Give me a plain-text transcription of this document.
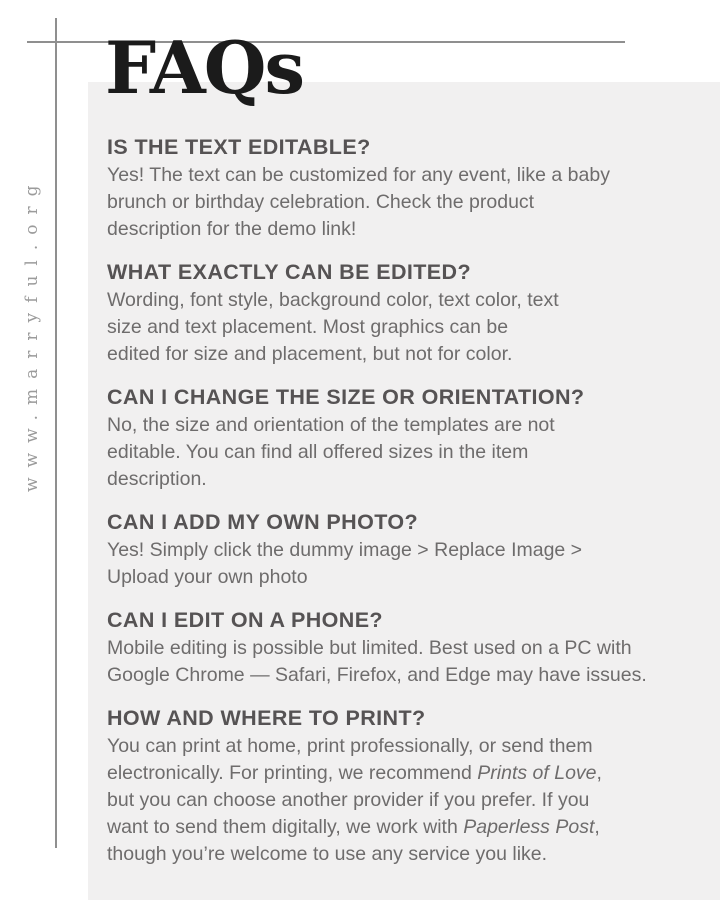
www.marryful.org
FAQs
IS THE TEXT EDITABLE?

Yes! The text can be customized for any event, like a baby
brunch or birthday celebration. Check the product
description for the demo link!

WHAT EXACTLY CAN BE EDITED?

Wording, font style, background color, text color, text
size and text placement. Most graphics can be
edited for size and placement, but not for color.

CAN I CHANGE THE SIZE OR ORIENTATION?

No, the size and orientation of the templates are not
editable. You can find all offered sizes in the item
description.

CAN I ADD MY OWN PHOTO?

Yes! Simply click the dummy image > Replace Image >
Upload your own photo

CAN I EDIT ON A PHONE?

Mobile editing is possible but limited. Best used on a PC with
Google Chrome — Safari, Firefox, and Edge may have issues.

HOW AND WHERE TO PRINT?

You can print at home, print professionally, or send them
electronically. For printing, we recommend Prints of Love,
but you can choose another provider if you prefer. If you
want to send them digitally, we work with Paperless Post,
though you’re welcome to use any service you like.
